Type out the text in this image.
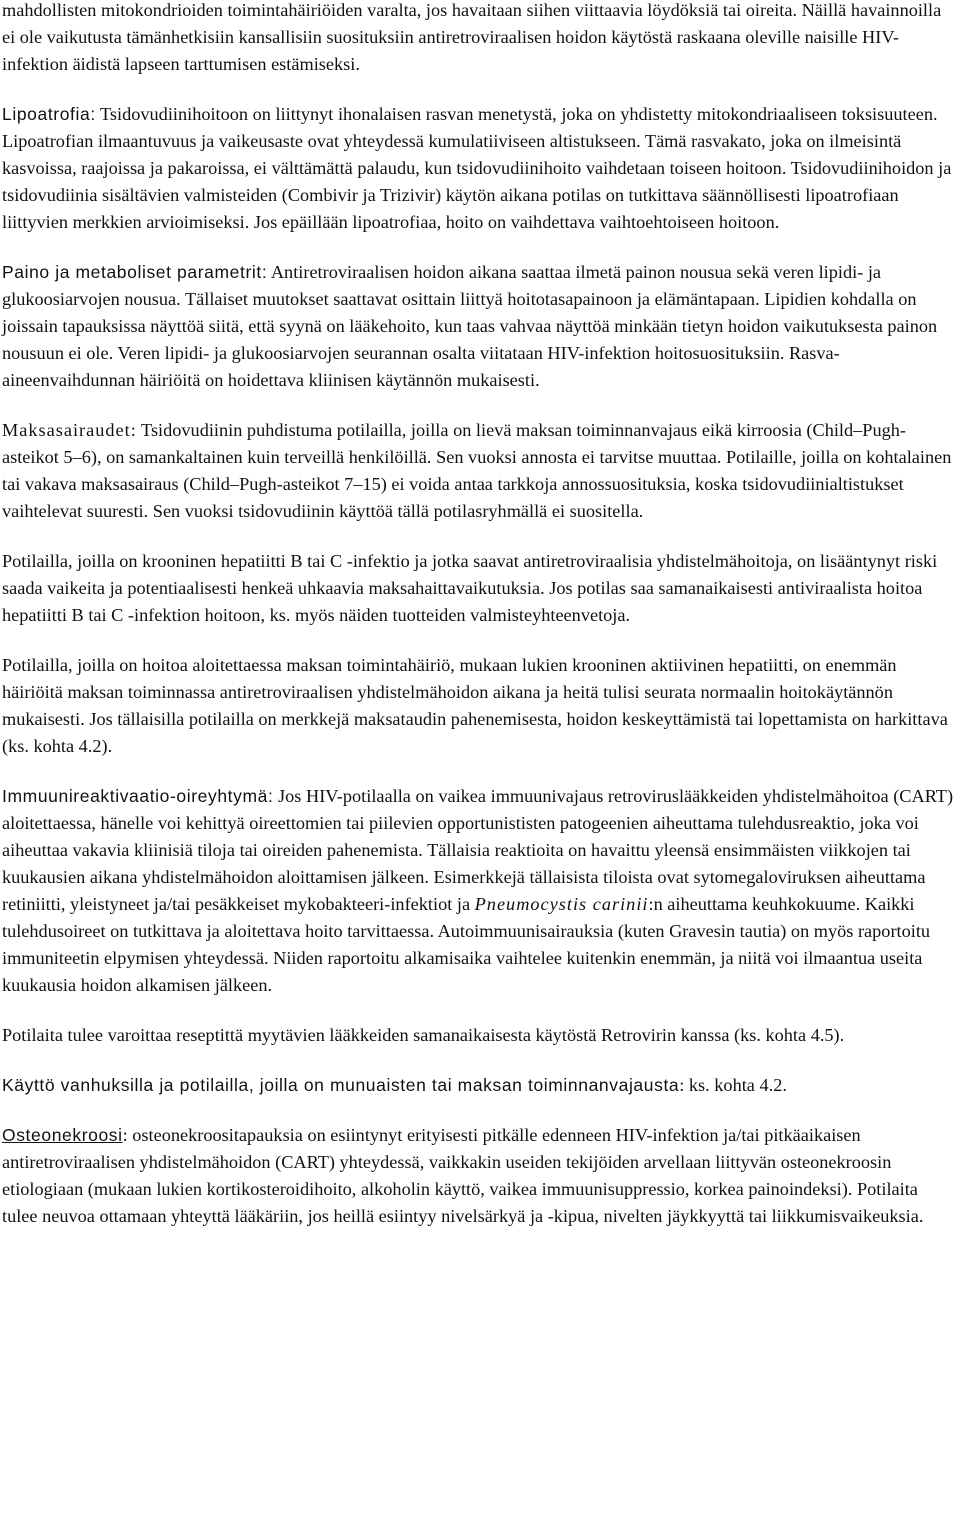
mahdollisten mitokondrioiden toimintahäiriöiden varalta, jos havaitaan siihen viittaavia löydöksiä tai oireita. Näillä havainnoilla ei ole vaikutusta tämänhetkisiin kansallisiin suosituksiin antiretroviraalisen hoidon käytöstä raskaana oleville naisille HIV-infektion äidistä lapseen tarttumisen estämiseksi.

Lipoatrofia: Tsidovudiinihoitoon on liittynyt ihonalaisen rasvan menetystä, joka on yhdistetty mitokondriaaliseen toksisuuteen. Lipoatrofian ilmaantuvuus ja vaikeusaste ovat yhteydessä kumulatiiviseen altistukseen. Tämä rasvakato, joka on ilmeisintä kasvoissa, raajoissa ja pakaroissa, ei välttämättä palaudu, kun tsidovudiinihoito vaihdetaan toiseen hoitoon. Tsidovudiinihoidon ja tsidovudiinia sisältävien valmisteiden (Combivir ja Trizivir) käytön aikana potilas on tutkittava säännöllisesti lipoatrofiaan liittyvien merkkien arvioimiseksi. Jos epäillään lipoatrofiaa, hoito on vaihdettava vaihtoehtoiseen hoitoon.

Paino ja metaboliset parametrit: Antiretroviraalisen hoidon aikana saattaa ilmetä painon nousua sekä veren lipidi- ja glukoosiarvojen nousua. Tällaiset muutokset saattavat osittain liittyä hoitotasapainoon ja elämäntapaan. Lipidien kohdalla on joissain tapauksissa näyttöä siitä, että syynä on lääkehoito, kun taas vahvaa näyttöä minkään tietyn hoidon vaikutuksesta painon nousuun ei ole. Veren lipidi- ja glukoosiarvojen seurannan osalta viitataan HIV-infektion hoitosuosituksiin. Rasva-aineenvaihdunnan häiriöitä on hoidettava kliinisen käytännön mukaisesti.

Maksasairaudet: Tsidovudiinin puhdistuma potilailla, joilla on lievä maksan toiminnanvajaus eikä kirroosia (Child–Pugh-asteikot 5–6), on samankaltainen kuin terveillä henkilöillä. Sen vuoksi annosta ei tarvitse muuttaa. Potilaille, joilla on kohtalainen tai vakava maksasairaus (Child–Pugh-asteikot 7–15) ei voida antaa tarkkoja annossuosituksia, koska tsidovudiinialtistukset vaihtelevat suuresti. Sen vuoksi tsidovudiinin käyttöä tällä potilasryhmällä ei suositella.

Potilailla, joilla on krooninen hepatiitti B tai C -infektio ja jotka saavat antiretroviraalisia yhdistelmähoitoja, on lisääntynyt riski saada vaikeita ja potentiaalisesti henkeä uhkaavia maksahaittavaikutuksia. Jos potilas saa samanaikaisesti antiviraalista hoitoa hepatiitti B tai C -infektion hoitoon, ks. myös näiden tuotteiden valmisteyhteenvetoja.

Potilailla, joilla on hoitoa aloitettaessa maksan toimintahäiriö, mukaan lukien krooninen aktiivinen hepatiitti, on enemmän häiriöitä maksan toiminnassa antiretroviraalisen yhdistelmähoidon aikana ja heitä tulisi seurata normaalin hoitokäytännön mukaisesti. Jos tällaisilla potilailla on merkkejä maksataudin pahenemisesta, hoidon keskeyttämistä tai lopettamista on harkittava (ks. kohta 4.2).

Immuunireaktivaatio-oireyhtymä: Jos HIV-potilaalla on vaikea immuunivajaus retroviruslääkkeiden yhdistelmähoitoa (CART) aloitettaessa, hänelle voi kehittyä oireettomien tai piilevien opportunististen patogeenien aiheuttama tulehdusreaktio, joka voi aiheuttaa vakavia kliinisiä tiloja tai oireiden pahenemista. Tällaisia reaktioita on havaittu yleensä ensimmäisten viikkojen tai kuukausien aikana yhdistelmähoidon aloittamisen jälkeen. Esimerkkejä tällaisista tiloista ovat sytomegaloviruksen aiheuttama retiniitti, yleistyneet ja/tai pesäkkeiset mykobakteeri-infektiot ja Pneumocystis carinii:n aiheuttama keuhkokuume. Kaikki tulehdusoireet on tutkittava ja aloitettava hoito tarvittaessa. Autoimmuunisairauksia (kuten Gravesin tautia) on myös raportoitu immuniteetin elpymisen yhteydessä. Niiden raportoitu alkamisaika vaihtelee kuitenkin enemmän, ja niitä voi ilmaantua useita kuukausia hoidon alkamisen jälkeen.

Potilaita tulee varoittaa reseptittä myytävien lääkkeiden samanaikaisesta käytöstä Retrovirin kanssa (ks. kohta 4.5).

Käyttö vanhuksilla ja potilailla, joilla on munuaisten tai maksan toiminnanvajausta: ks. kohta 4.2.

Osteonekroosi: osteonekroositapauksia on esiintynyt erityisesti pitkälle edenneen HIV-infektion ja/tai pitkäaikaisen antiretroviraalisen yhdistelmähoidon (CART) yhteydessä, vaikkakin useiden tekijöiden arvellaan liittyvän osteonekroosin etiologiaan (mukaan lukien kortikosteroidihoito, alkoholin käyttö, vaikea immuunisuppressio, korkea painoindeksi). Potilaita tulee neuvoa ottamaan yhteyttä lääkäriin, jos heillä esiintyy nivelsärkyä ja -kipua, nivelten jäykkyyttä tai liikkumisvaikeuksia.
